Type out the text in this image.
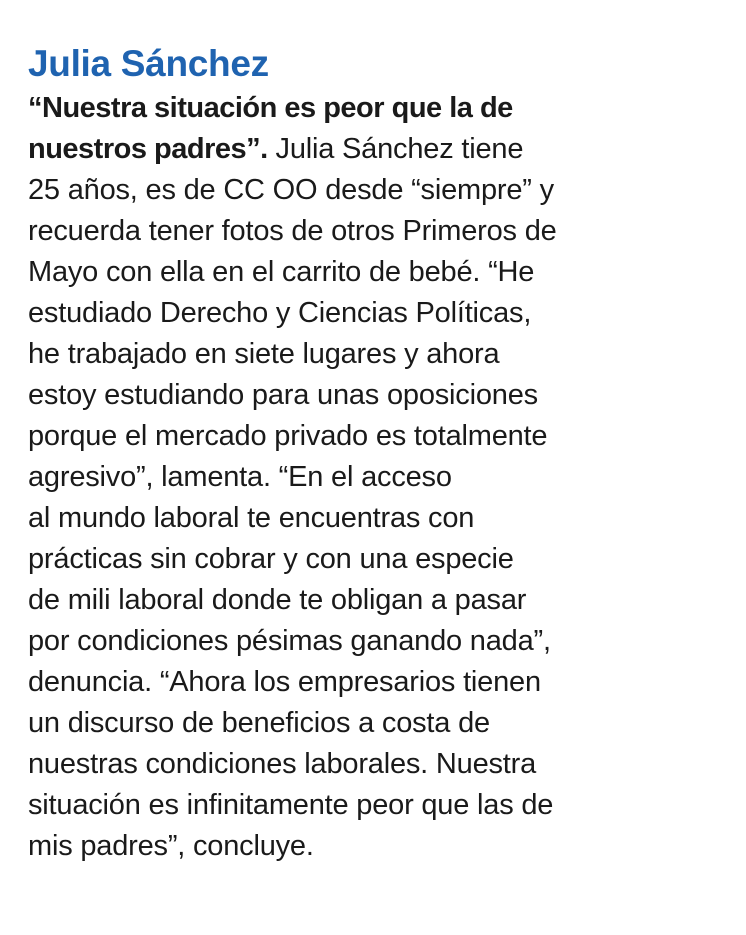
Julia Sánchez

“Nuestra situación es peor que la de
nuestros padres”. Julia Sánchez tiene
25 años, es de CC OO desde “siempre” y
recuerda tener fotos de otros Primeros de
Mayo con ella en el carrito de bebé. “He
estudiado Derecho y Ciencias Políticas,
he trabajado en siete lugares y ahora
estoy estudiando para unas oposiciones
porque el mercado privado es totalmente
agresivo”, lamenta. “En el acceso
al mundo laboral te encuentras con
prácticas sin cobrar y con una especie
de mili laboral donde te obligan a pasar
por condiciones pésimas ganando nada”,
denuncia. “Ahora los empresarios tienen
un discurso de beneficios a costa de
nuestras condiciones laborales. Nuestra
situación es infinitamente peor que las de
mis padres”, concluye.
